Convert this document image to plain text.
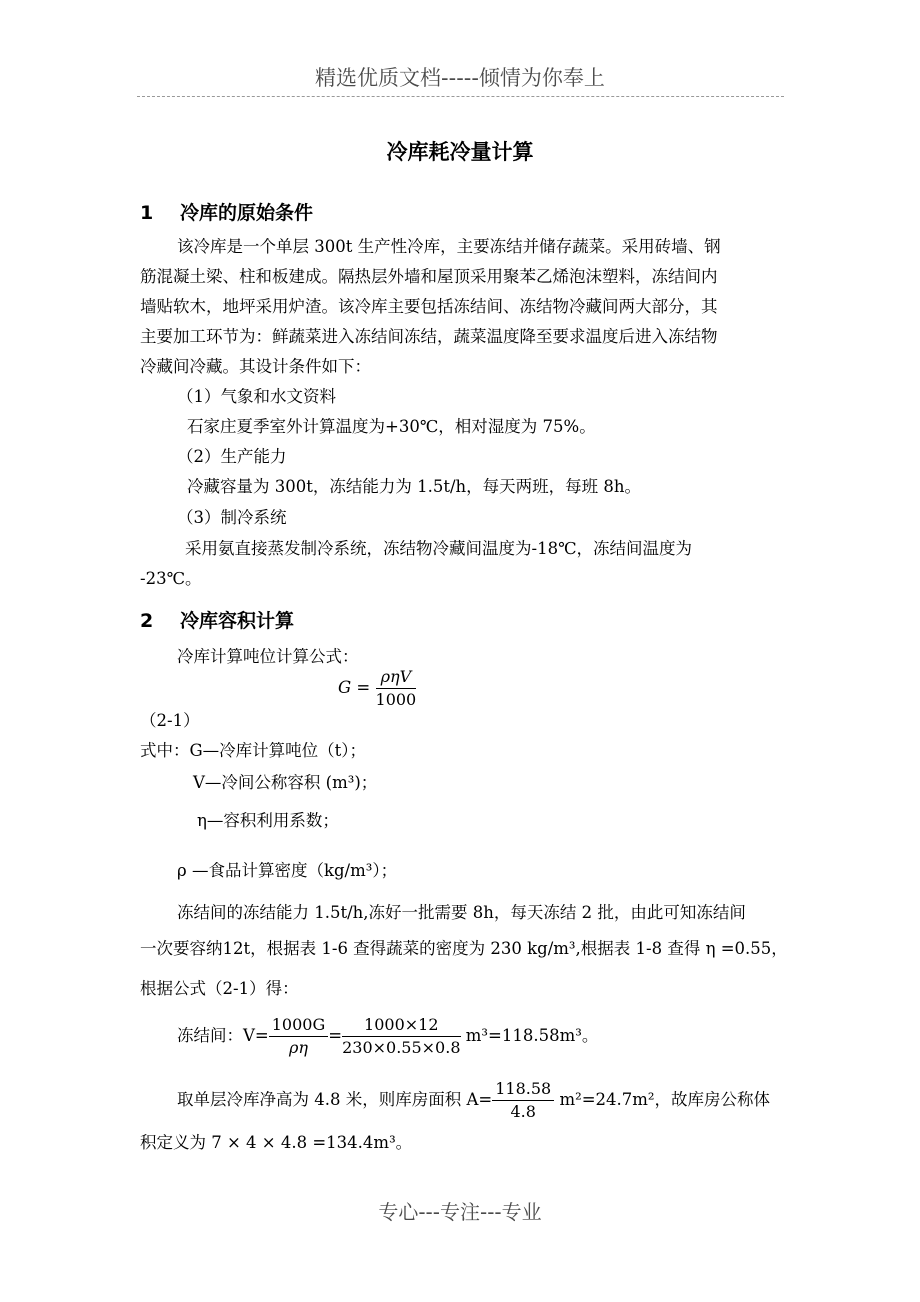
精选优质文档-----倾情为你奉上
冷库耗冷量计算
1 冷库的原始条件
该冷库是一个单层 300t 生产性冷库，主要冻结并储存蔬菜。采用砖墙、钢
筋混凝土梁、柱和板建成。隔热层外墙和屋顶采用聚苯乙烯泡沫塑料，冻结间内
墙贴软木，地坪采用炉渣。该冷库主要包括冻结间、冻结物冷藏间两大部分，其
主要加工环节为：鲜蔬菜进入冻结间冻结，蔬菜温度降至要求温度后进入冻结物
冷藏间冷藏。其设计条件如下：
（1）气象和水文资料
石家庄夏季室外计算温度为+30℃，相对湿度为 75%。
（2）生产能力
冷藏容量为 300t，冻结能力为 1.5t/h，每天两班，每班 8h。
（3）制冷系统
采用氨直接蒸发制冷系统，冻结物冷藏间温度为-18℃，冻结间温度为
-23℃。
2 冷库容积计算
冷库计算吨位计算公式：
$G = \frac{\text{ρηV}}{1000}$
（2-1）
式中：G—冷库计算吨位（t）；
V—冷间公称容积 (m³)；
η—容积利用系数；
ρ —食品计算密度（kg/m³）；
冻结间的冻结能力 1.5t/h,冻好一批需要 8h，每天冻结 2 批，由此可知冻结间
一次要容纳12t，根据表 1-6 查得蔬菜的密度为 230 kg/m³,根据表 1-8 查得 η =0.55，
根据公式（2-1）得：
冻结间：$V= \frac{1000G}{\rho\eta} = \frac{1000\times 12}{230\times 0.55\times 0.8} m^3=118.58m^3$。
取单层冷库净高为 4.8 米，则库房面积 $A= \frac{118.58}{4.8} m^2=24.7m^2$，故库房公称体
积定义为 7 × 4 × 4.8 =134.4m³。
专心---专注---专业
